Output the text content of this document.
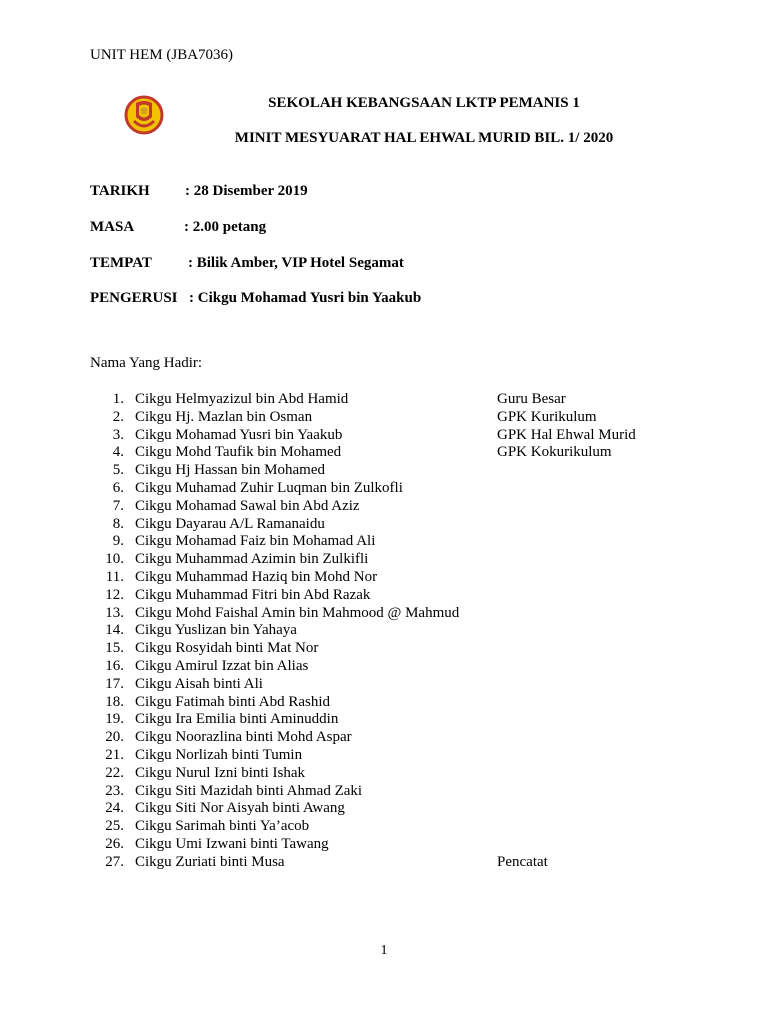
UNIT HEM (JBA7036)
SEKOLAH KEBANGSAAN LKTP PEMANIS 1
MINIT MESYUARAT HAL EHWAL MURID BIL. 1/ 2020
TARIKH : 28 Disember 2019
MASA	: 2.00 petang
TEMPAT : Bilik Amber, VIP Hotel Segamat
PENGERUSI : Cikgu Mohamad Yusri bin Yaakub
Nama Yang Hadir:
1. Cikgu Helmyazizul bin Abd Hamid	Guru Besar
2. Cikgu Hj. Mazlan bin Osman	GPK Kurikulum
3. Cikgu Mohamad Yusri bin Yaakub	GPK Hal Ehwal Murid
4. Cikgu Mohd Taufik bin Mohamed	GPK Kokurikulum
5. Cikgu Hj Hassan bin Mohamed
6. Cikgu Muhamad Zuhir Luqman bin Zulkofli
7. Cikgu Mohamad Sawal bin Abd Aziz
8. Cikgu Dayarau A/L Ramanaidu
9. Cikgu Mohamad Faiz bin Mohamad Ali
10. Cikgu Muhammad Azimin bin Zulkifli
11. Cikgu Muhammad Haziq bin Mohd Nor
12. Cikgu Muhammad Fitri bin Abd Razak
13. Cikgu Mohd Faishal Amin bin Mahmood @ Mahmud
14. Cikgu Yuslizan bin Yahaya
15. Cikgu Rosyidah binti Mat Nor
16. Cikgu Amirul Izzat bin Alias
17. Cikgu Aisah binti Ali
18. Cikgu Fatimah binti Abd Rashid
19. Cikgu Ira Emilia binti Aminuddin
20. Cikgu Noorazlina binti Mohd Aspar
21. Cikgu Norlizah binti Tumin
22. Cikgu Nurul Izni binti Ishak
23. Cikgu Siti Mazidah binti Ahmad Zaki
24. Cikgu Siti Nor Aisyah binti Awang
25. Cikgu Sarimah binti Ya’acob
26. Cikgu Umi Izwani binti Tawang
27. Cikgu Zuriati binti Musa	Pencatat
1
